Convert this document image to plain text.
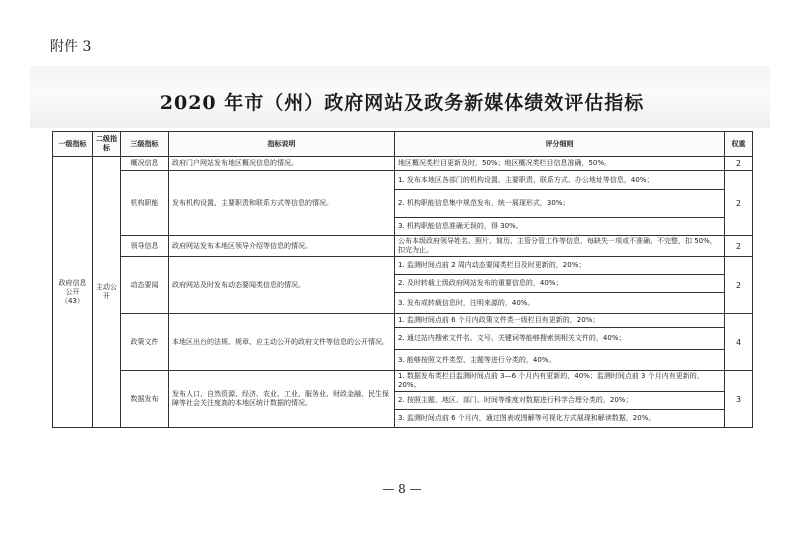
附件 3
2020 年市（州）政府网站及政务新媒体绩效评估指标
一级指标	二级指标	三级指标	指标说明	评分细则	权重
政府信息公开（43）	主动公开	概况信息	政府门户网站发布地区概况信息的情况。	地区概况类栏目更新及时，50%；地区概况类栏目信息准确，50%。	2
		机构职能	发布机构设置、主要职责和联系方式等信息的情况。	1. 发布本地区各部门的机构设置、主要职责、联系方式、办公地址等信息，40%；	2
				2. 机构职能信息集中规范发布，统一展现形式，30%；	
				3. 机构职能信息准确无误的，得 30%。	
		领导信息	政府网站发布本地区领导介绍等信息的情况。	公布本级政府领导姓名、照片、简历、主管分管工作等信息，每缺失一项或不准确、不完整，扣 50%，扣完为止。	2
		动态要闻	政府网站及时发布动态要闻类信息的情况。	1. 监测时间点前 2 周内动态要闻类栏目及时更新的，20%；	2
				2. 及时转载上级政府网站发布的重要信息的，40%；	
				3. 发布或转载信息时，注明来源的，40%。	
		政策文件	本地区出台的法规、规章、应主动公开的政府文件等信息的公开情况。	1. 监测时间点前 6 个月内政策文件类一级栏目有更新的，20%；	4
				2. 通过站内搜索文件名、文号、关键词等能够搜索到相关文件的，40%；	
				3. 能够按照文件类型、主题等进行分类的，40%。	
		数据发布	发布人口、自然资源、经济、农业、工业、服务业、财政金融、民生保障等社会关注度高的本地区统计数据的情况。	1. 数据发布类栏目监测时间点前 3—6 个月内有更新的，40%；监测时间点前 3 个月内有更新的，20%。	3
				2. 按照主题、地区、部门、时间等维度对数据进行科学合理分类的，20%；	
				3. 监测时间点前 6 个月内，通过图表或图解等可视化方式展现和解读数据，20%。	
— 8 —
